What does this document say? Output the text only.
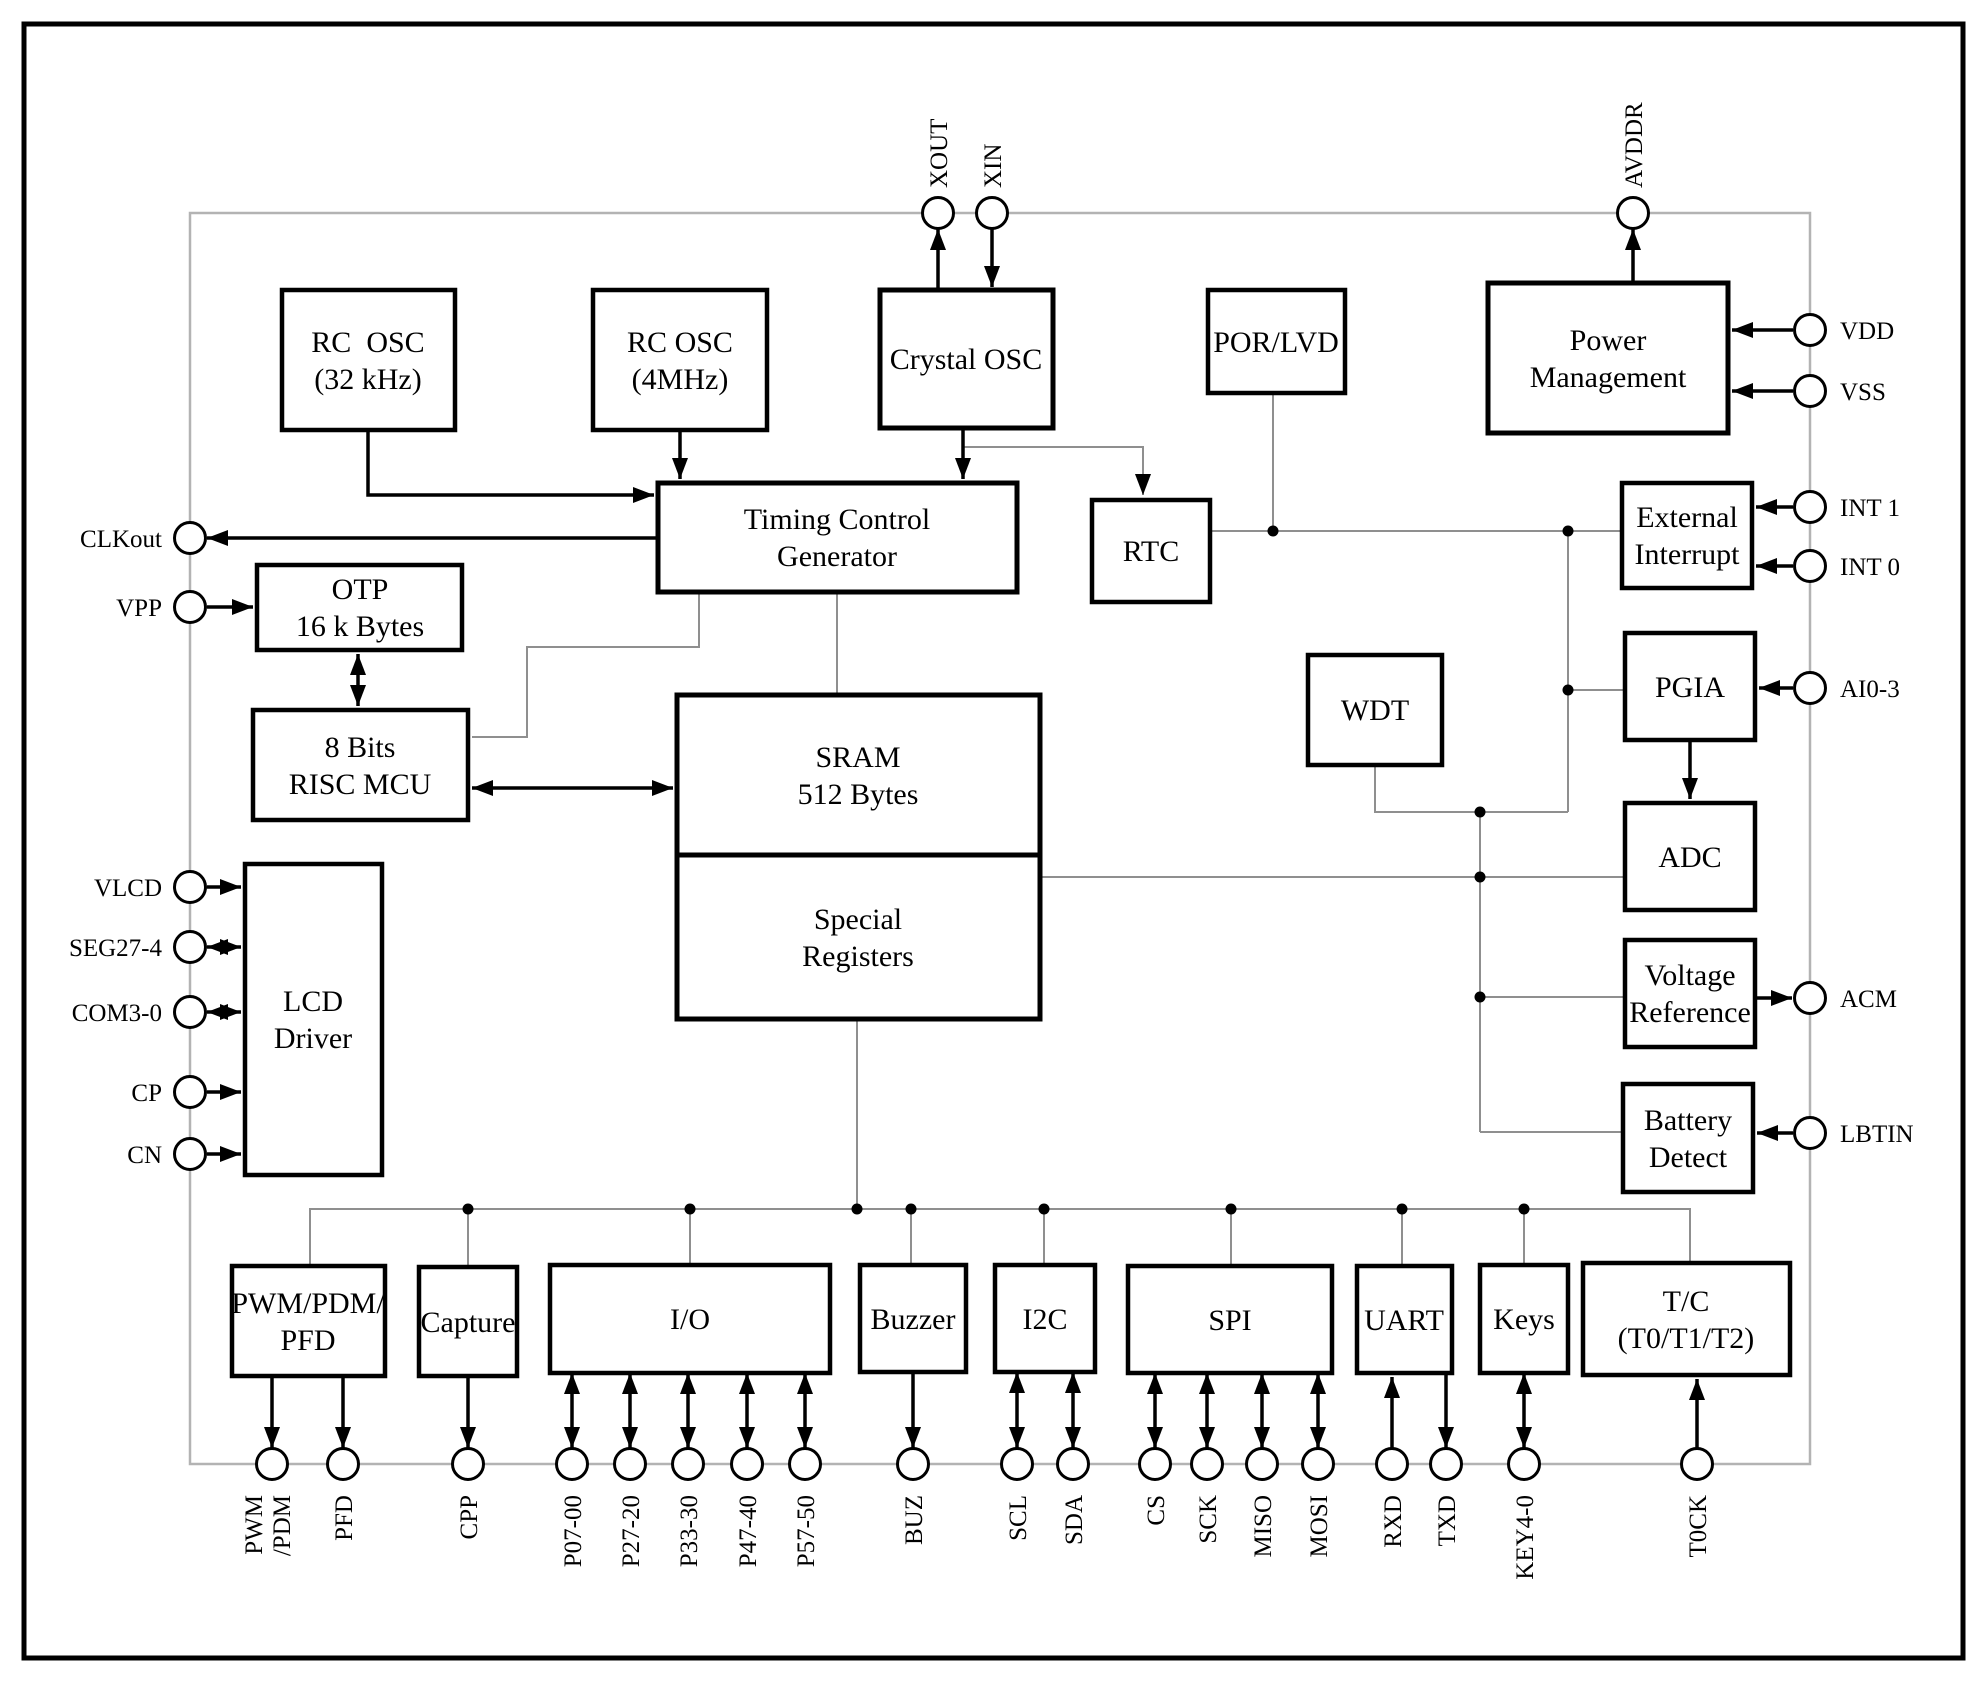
RC  OSC
(32 kHz)
RC OSC
(4MHz)
Crystal OSC
POR/LVD	Power
Management
Timing Control
Generator	RTC
External
Interrupt
OTP
16 k Bytes
8 Bits
RISC MCU
SRAM
512 Bytes
Special
Registers
WDT
PGIA
ADC
Voltage
Reference
Battery
Detect
LCD
Driver
PWM/PDM/
PFD
Capture	I/O	Buzzer I2C	SPI	UART Keys
T/C
(T0/T1/T2)
XOUT XIN	AVDDR
VDD
VSS
INT 1
INT 0
AI0-3
ACM
LBTIN
CLKout
VPP
VLCD
SEG27-4
COM3-0
CP
CN
PWM /PDM PFD	CPP	P07-00 P27-20 P33-30 P47-40 P57-50	BUZ	SCL SDA CS SCK MISO MOSI RXD TXD KEY4-0	T0CK
